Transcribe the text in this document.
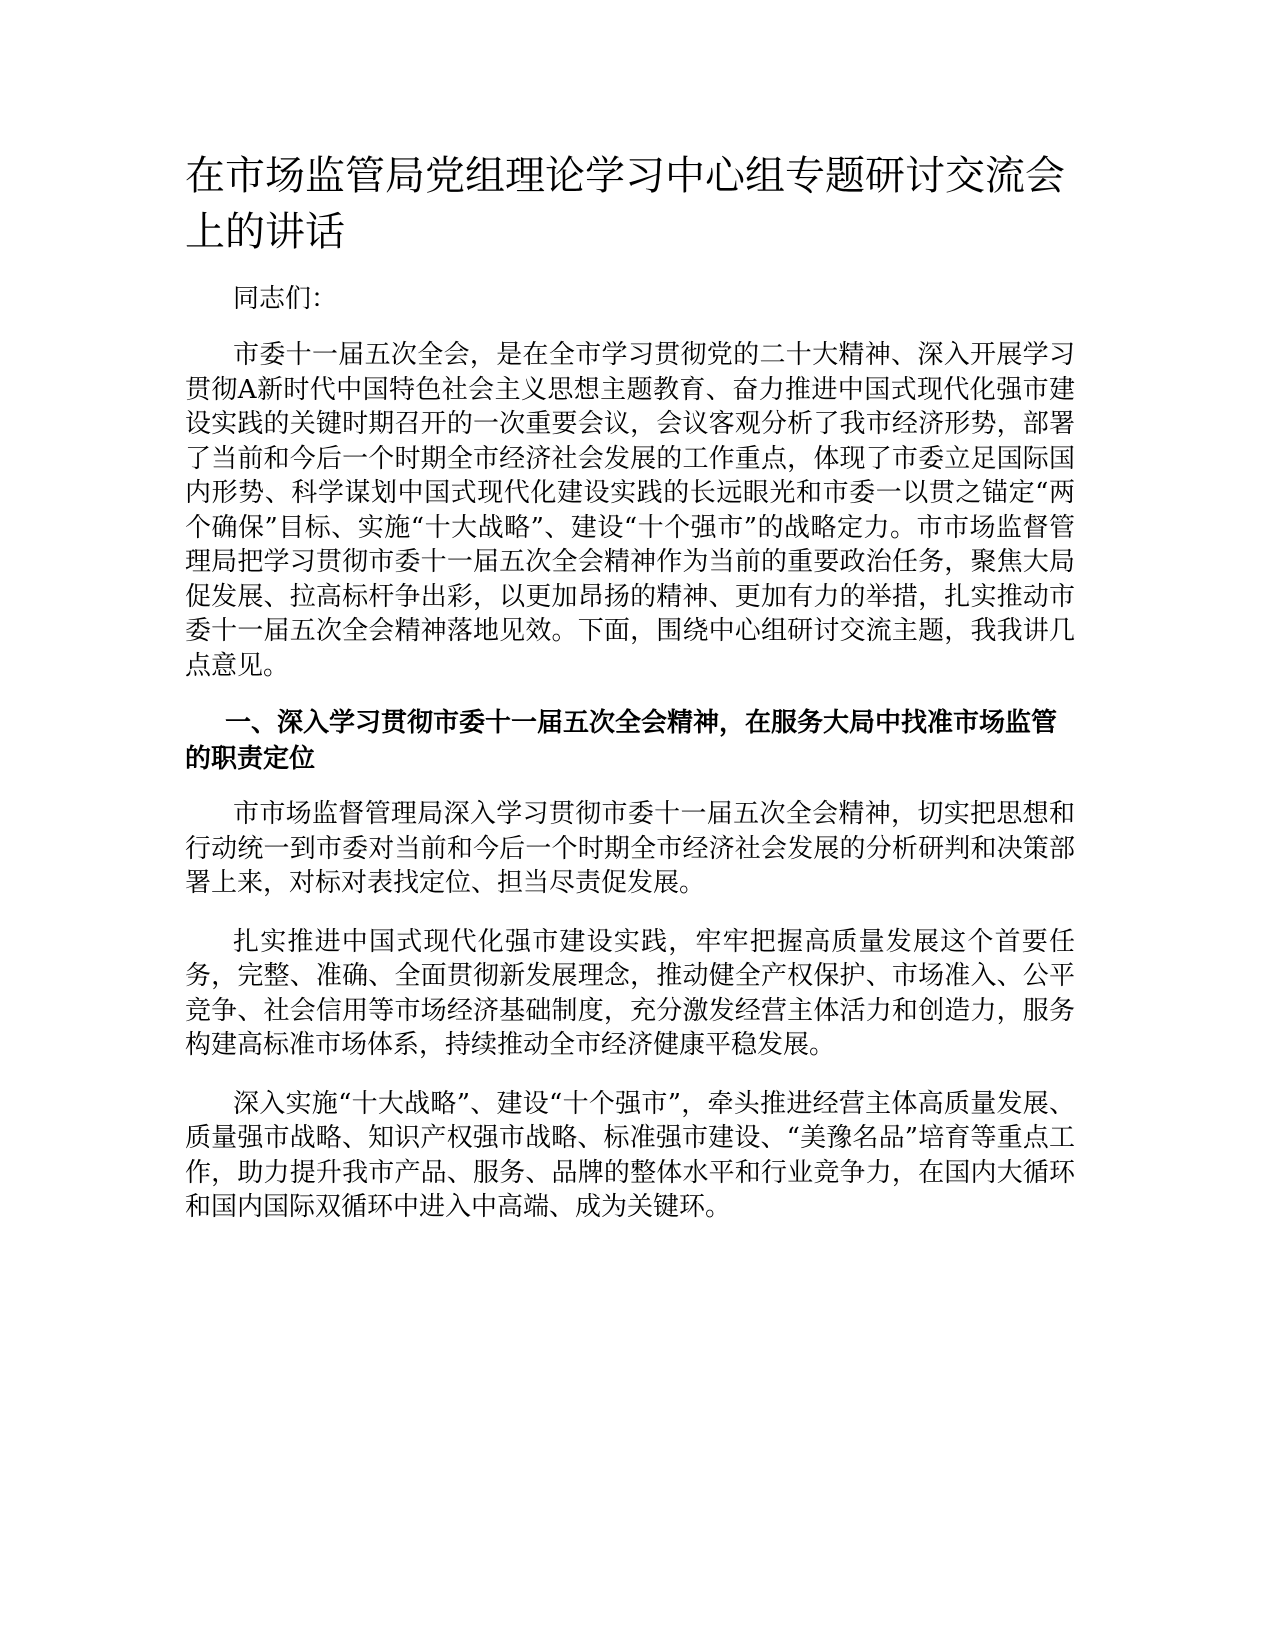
在市场监管局党组理论学习中心组专题研讨交流会上的讲话

同志们：

市委十一届五次全会，是在全市学习贯彻党的二十大精神、深入开展学习贯彻A新时代中国特色社会主义思想主题教育、奋力推进中国式现代化强市建设实践的关键时期召开的一次重要会议，会议客观分析了我市经济形势，部署了当前和今后一个时期全市经济社会发展的工作重点，体现了市委立足国际国内形势、科学谋划中国式现代化建设实践的长远眼光和市委一以贯之锚定“两个确保”目标、实施“十大战略”、建设“十个强市”的战略定力。市市场监督管理局把学习贯彻市委十一届五次全会精神作为当前的重要政治任务，聚焦大局促发展、拉高标杆争出彩，以更加昂扬的精神、更加有力的举措，扎实推动市委十一届五次全会精神落地见效。下面，围绕中心组研讨交流主题，我我讲几点意见。

一、深入学习贯彻市委十一届五次全会精神，在服务大局中找准市场监管的职责定位

市市场监督管理局深入学习贯彻市委十一届五次全会精神，切实把思想和行动统一到市委对当前和今后一个时期全市经济社会发展的分析研判和决策部署上来，对标对表找定位、担当尽责促发展。

扎实推进中国式现代化强市建设实践，牢牢把握高质量发展这个首要任务，完整、准确、全面贯彻新发展理念，推动健全产权保护、市场准入、公平竞争、社会信用等市场经济基础制度，充分激发经营主体活力和创造力，服务构建高标准市场体系，持续推动全市经济健康平稳发展。

深入实施“十大战略”、建设“十个强市”，牵头推进经营主体高质量发展、质量强市战略、知识产权强市战略、标准强市建设、“美豫名品”培育等重点工作，助力提升我市产品、服务、品牌的整体水平和行业竞争力，在国内大循环和国内国际双循环中进入中高端、成为关键环。
